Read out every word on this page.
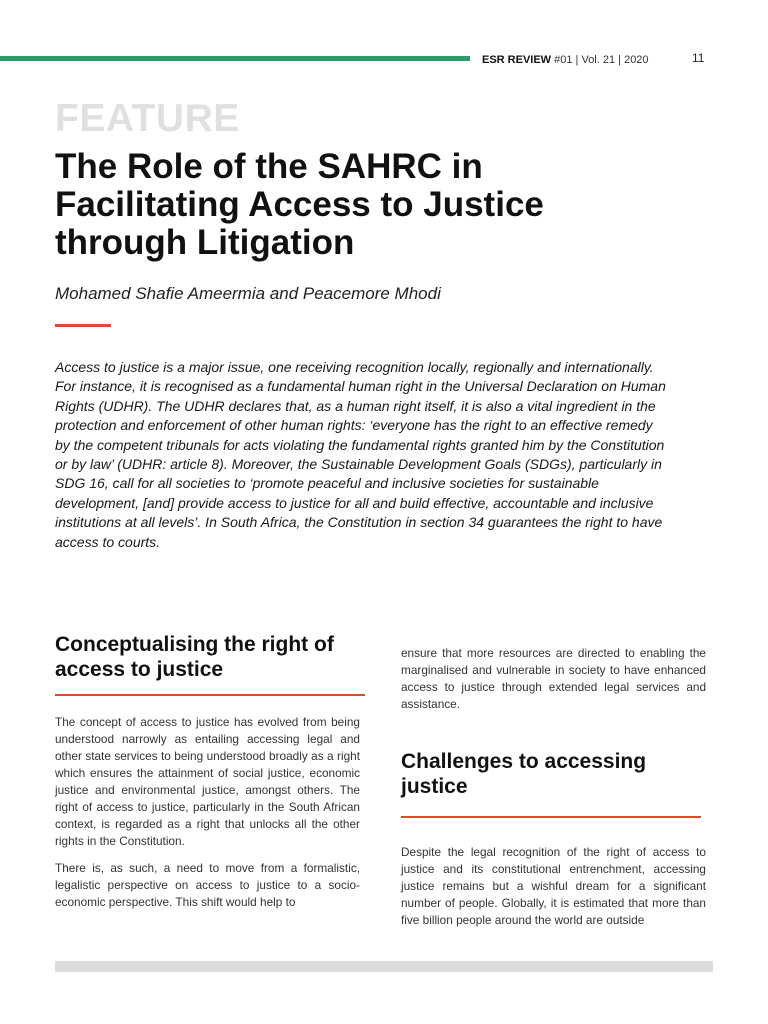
ESR REVIEW #01 | Vol. 21 | 2020	11
FEATURE
The Role of the SAHRC in Facilitating Access to Justice through Litigation
Mohamed Shafie Ameermia and Peacemore Mhodi

Access to justice is a major issue, one receiving recognition locally, regionally and internationally. For instance, it is recognised as a fundamental human right in the Universal Declaration on Human Rights (UDHR). The UDHR declares that, as a human right itself, it is also a vital ingredient in the protection and enforcement of other human rights: ‘everyone has the right to an effective remedy by the competent tribunals for acts violating the fundamental rights granted him by the Constitution or by law’ (UDHR: article 8). Moreover, the Sustainable Development Goals (SDGs), particularly in SDG 16, call for all societies to ‘promote peaceful and inclusive societies for sustainable development, [and] provide access to justice for all and build effective, accountable and inclusive institutions at all levels’. In South Africa, the Constitution in section 34 guarantees the right to have access to courts.

Conceptualising the right of access to justice

The concept of access to justice has evolved from being understood narrowly as entailing accessing legal and other state services to being understood broadly as a right which ensures the attainment of social justice, economic justice and environmental justice, amongst others. The right of access to justice, particularly in the South African context, is regarded as a right that unlocks all the other rights in the Constitution.

There is, as such, a need to move from a formalistic, legalistic perspective on access to justice to a socio-economic perspective. This shift would help to

ensure that more resources are directed to enabling the marginalised and vulnerable in society to have enhanced access to justice through extended legal services and assistance.

Challenges to accessing justice

Despite the legal recognition of the right of access to justice and its constitutional entrenchment, accessing justice remains but a wishful dream for a significant number of people. Globally, it is estimated that more than five billion people around the world are outside
